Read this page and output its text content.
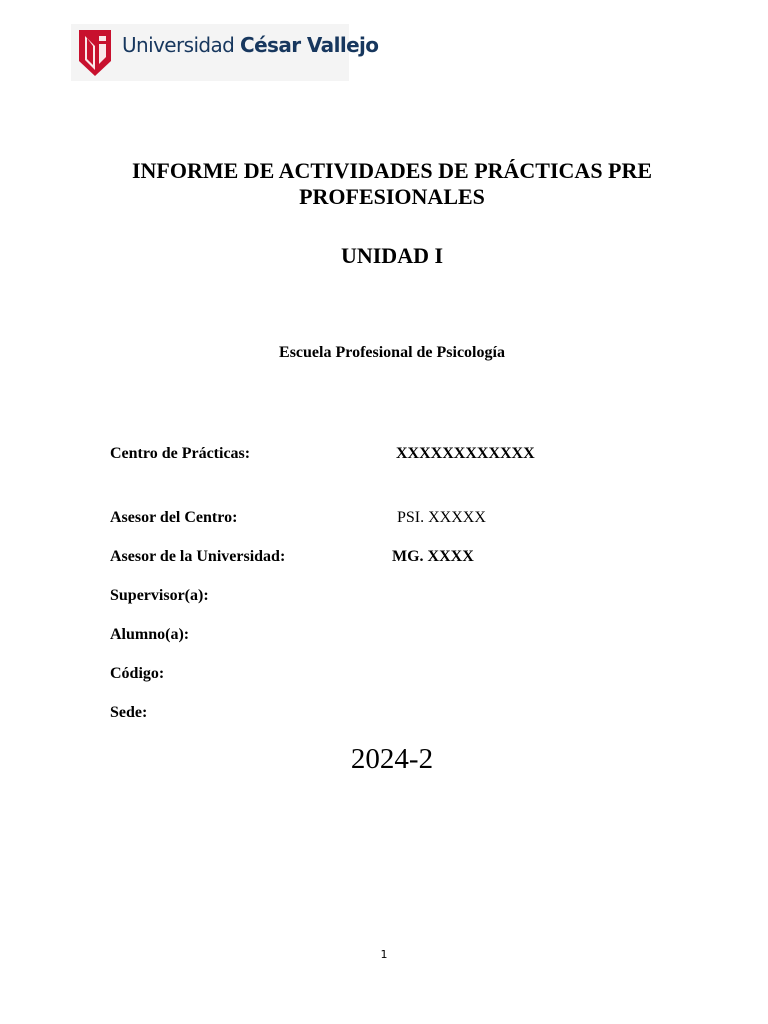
Universidad César Vallejo
INFORME DE ACTIVIDADES DE PRÁCTICAS PRE
PROFESIONALES
UNIDAD I
Escuela Profesional de Psicología
Centro de Prácticas:	XXXXXXXXXXXX
Asesor del Centro:	PSI. XXXXX
Asesor de la Universidad:	MG. XXXX
Supervisor(a):
Alumno(a):
Código:
Sede:
2024-2
1
